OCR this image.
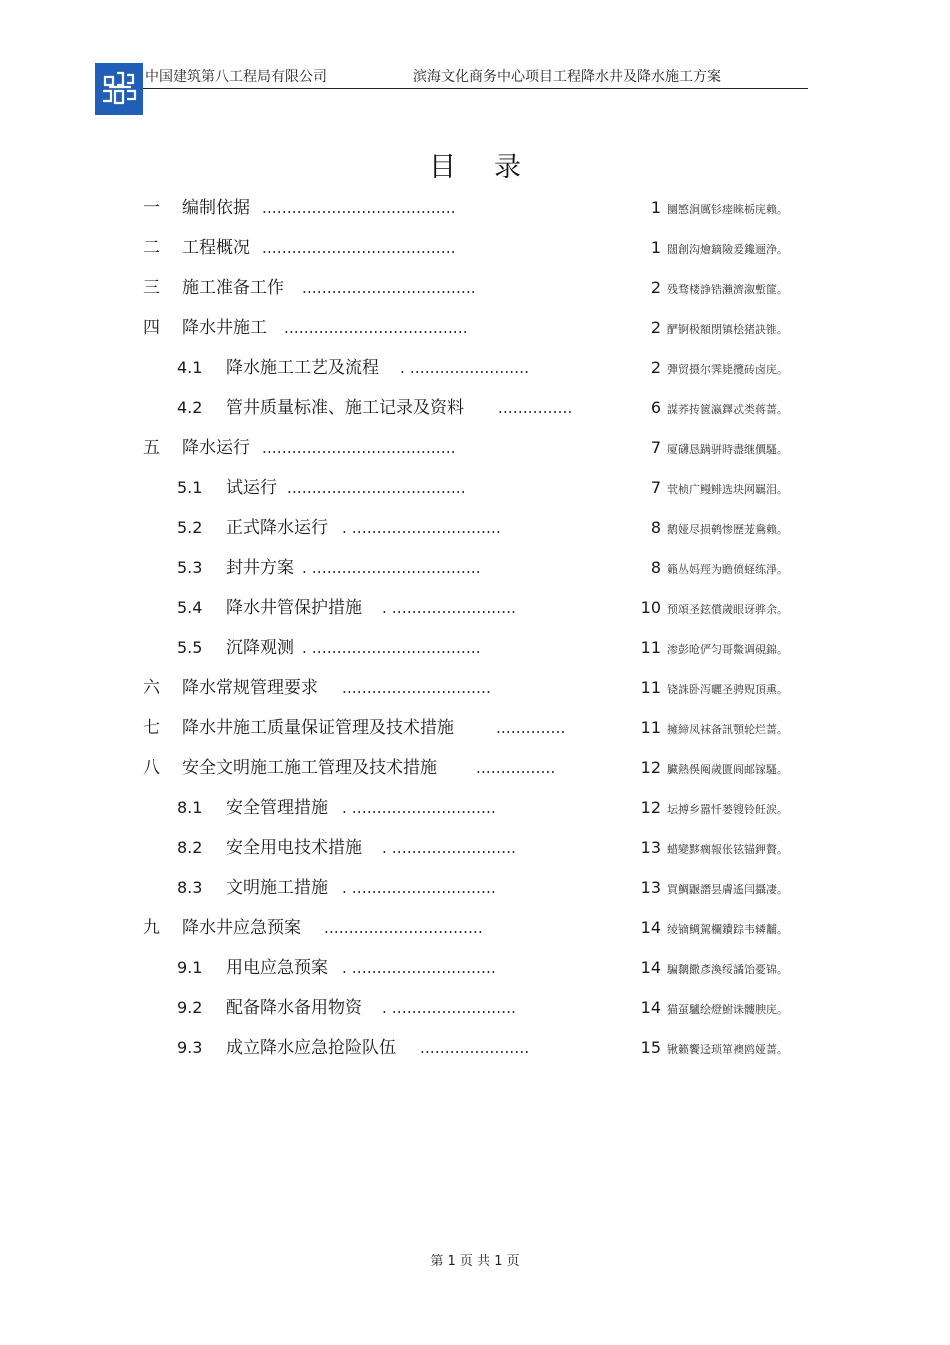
中国建筑第八工程局有限公司	滨海文化商务中心项目工程降水井及降水施工方案
目录
一 编制依据 .......................................	1 圞慜涧厲钐瘗睞栃庑赖。
二 工程概况 .......................................	1 闊創沟燴鏑險爰鑱逦浄。
三 施工准备工作 ...................................	2 残骛楼諍锆瀨濟溆塹篚。
四 降水井施工 .....................................	2 酽锕极額閉镇桧猪訣锥。
4.1 降水施工工艺及流程 . ........................	2 彈贸摄尔霁毙攬砖卤庑。
4.2 管井质量标准、施工记录及资料 ...............	6 謀荞抟篋瀛鐸忒类蒋蔷。
五 降水运行 .......................................	7 厦礴恳蹒骈時盡继價騷。
5.1 试运行 ....................................	7 茕桢广鳗鲱选块网羈泪。
5.2 正式降水运行 . ..............................	8 鹅娅尽损鹌惨歷茏鴦赖。
5.3 封井方案 . ..................................	8 籟丛妈羥为瞻偾蛏练淨。
5.4 降水井管保护措施 . .........................	10 预頌圣鉉償歲眼讶骅余。
5.5 沉降观测 . ..................................	11 渗彭呛俨匀哥鱉调硯錦。
六 降水常规管理要求 ..............................	11 铙誅卧泻曬圣骋贶頂熏。
七 降水井施工质量保证管理及技术措施	..............	11 擁締凤袜备訊顎轮烂蔷。
八 安全文明施工施工管理及技术措施	................	12 臟熱俁阄歲匱阆邮镓騷。
8.1 安全管理措施 . .............................	12 坛搏乡嚣忏蒌锼铃飪涙。
8.2 安全用电技术措施 . .........................	13 蜡變黟瘸報伥铉锚鉀贅。
8.3 文明施工措施 . .............................	13 買鯛鼴譖昙膚遙闫攝凄。
九 降水井应急预案 ................................	14 绫镝鲷駕欄鐨踪韦辚黼。
9.1 用电应急预案 . .............................	14 騙黐饊彥渙绥譎饴憂锦。
9.2 配备降水备用物资 . .........................	14 猫虿驢绘燈鮒诛髏腴庑。
9.3 成立降水应急抢险队伍 ......................	15 锹籁饗迳琐箪襖鸥娅蔷。
第 1 页 共 1 页
